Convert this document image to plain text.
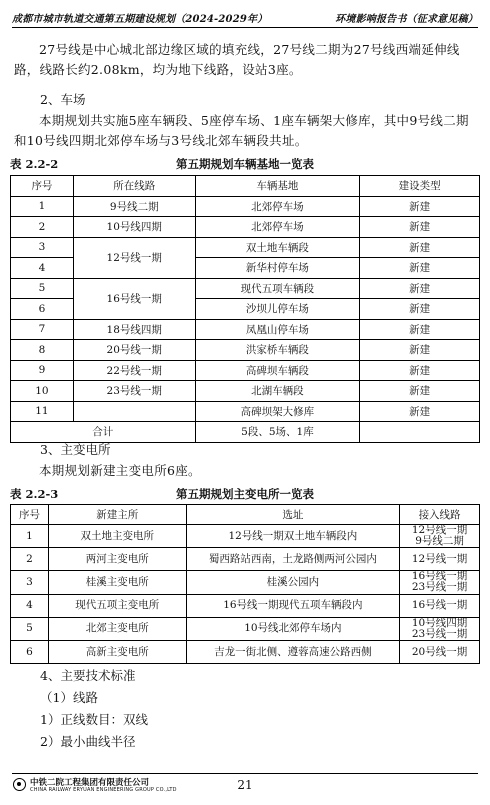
成都市城市轨道交通第五期建设规划（2024-2029年）	环境影响报告书（征求意见稿）
27号线是中心城北部边缘区域的填充线，27号线二期为27号线西端延伸线路，线路长约2.08km，均为地下线路，设站3座。
2、车场
本期规划共实施5座车辆段、5座停车场、1座车辆架大修库，其中9号线二期和10号线四期北郊停车场与3号线北郊车辆段共址。
表 2.2-2	第五期规划车辆基地一览表
序号	所在线路	车辆基地	建设类型
1	9号线二期	北郊停车场	新建
2	10号线四期	北郊停车场	新建
3	12号线一期	双土地车辆段	新建
4		新华村停车场	新建
5	16号线一期	现代五项车辆段	新建
6		沙坝儿停车场	新建
7	18号线四期	凤凰山停车场	新建
8	20号线一期	洪家桥车辆段	新建
9	22号线一期	高碑坝车辆段	新建
10	23号线一期	北湖车辆段	新建
11		高碑坝架大修库	新建
合计		5段、5场、1库	
3、主变电所
本期规划新建主变电所6座。
表 2.2-3	第五期规划主变电所一览表
序号	新建主所	选址	接入线路
1	双土地主变电所	12号线一期双土地车辆段内	12号线一期
9号线二期

2	两河主变电所	蜀西路站西南，土龙路侧两河公园内	12号线一期

3	桂溪主变电所	桂溪公园内	16号线一期
23号线一期

4	现代五项主变电所	16号线一期现代五项车辆段内	16号线一期

5	北郊主变电所	10号线北郊停车场内	10号线四期
23号线一期

6	高新主变电所	吉龙一街北侧、遵蓉高速公路西侧	20号线一期
4、主要技术标准
（1）线路
1）正线数目：双线
2）最小曲线半径
中铁二院工程集团有限责任公司
CHINA RAILWAY ERYUAN ENGINEERING GROUP CO.,LTD	21
